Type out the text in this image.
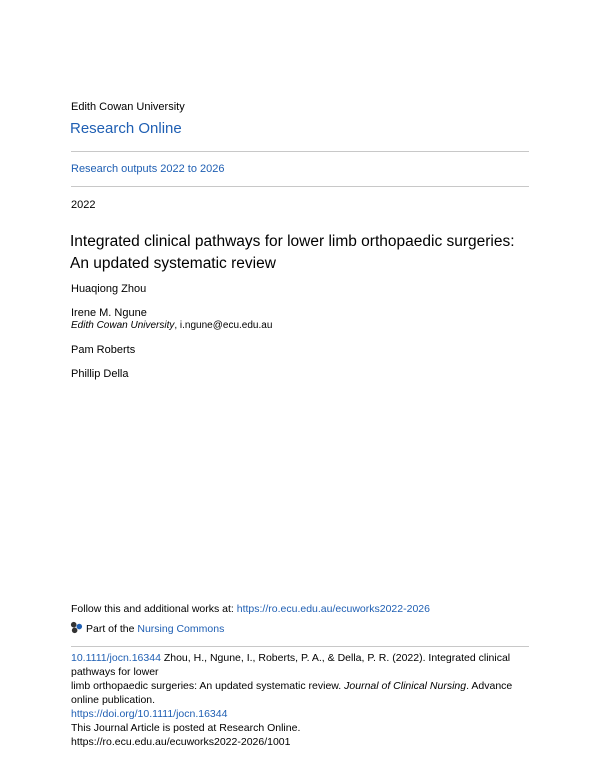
Edith Cowan University
Research Online
Research outputs 2022 to 2026
2022
Integrated clinical pathways for lower limb orthopaedic surgeries:
An updated systematic review
Huaqiong Zhou
Irene M. Ngune
Edith Cowan University, i.ngune@ecu.edu.au
Pam Roberts
Phillip Della
Follow this and additional works at: https://ro.ecu.edu.au/ecuworks2022-2026
Part of the Nursing Commons
10.1111/jocn.16344 Zhou, H., Ngune, I., Roberts, P. A., & Della, P. R. (2022). Integrated clinical pathways for lower
limb orthopaedic surgeries: An updated systematic review. Journal of Clinical Nursing. Advance online publication.
https://doi.org/10.1111/jocn.16344
This Journal Article is posted at Research Online.
https://ro.ecu.edu.au/ecuworks2022-2026/1001
